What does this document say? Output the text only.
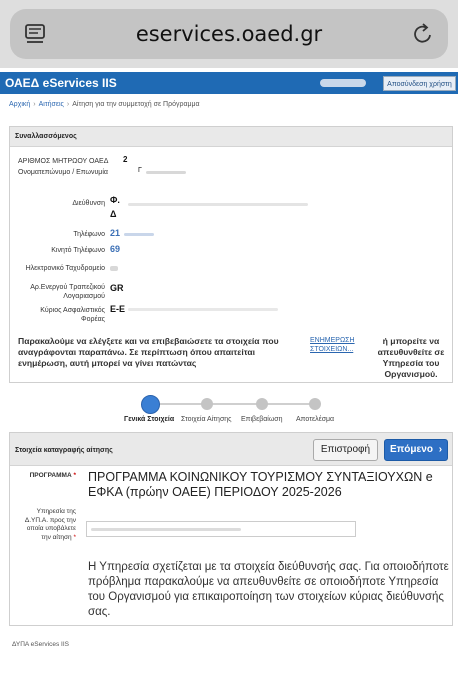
eservices.oaed.gr
ΟΑΕΔ eServices IIS	Αποσύνδεση χρήστη
Αρχική › Αιτήσεις › Αίτηση για την συμμετοχή σε Πρόγραμμα
Συναλλασσόμενος
ΑΡΙΘΜΟΣ ΜΗΤΡΩΟΥ ΟΑΕΔ	2
Ονοματεπώνυμο / Επωνυμία	Γ
Διεύθυνση Φ.
Δ
Τηλέφωνο 21
Κινητό Τηλέφωνο 69
Ηλεκτρονικό Ταχυδρομείο
Αρ.Ενεργού Τραπεζικού Λογαριασμού
GR
Κύριος Ασφαλιστικός Φορέας
E-E
Παρακαλούμε να ελέγξετε και να επιβεβαιώσετε τα στοιχεία που αναγράφονται παραπάνω. Σε περίπτωση όπου απαιτείται ενημέρωση, αυτή μπορεί να γίνει πατώντας
ΕΝΗΜΕΡΩΣΗ ΣΤΟΙΧΕΙΩΝ...
ή μπορείτε να απευθυνθείτε σε Υπηρεσία του Οργανισμού.
Γενικά Στοιχεία Στοιχεία Αίτησης Επιβεβαίωση Αποτελέσμα
Στοιχεία καταγραφής αίτησης	Επιστροφή	Επόμενο ›
ΠΡΟΓΡΑΜΜΑ * ΠΡΟΓΡΑΜΜΑ ΚΟΙΝΩΝΙΚΟΥ ΤΟΥΡΙΣΜΟΥ ΣΥΝΤΑΞΙΟΥΧΩΝ e ΕΦΚΑ (πρώην ΟΑΕΕ) ΠΕΡΙΟΔΟΥ 2025-2026
Υπηρεσία της Δ.ΥΠ.Α. προς την οποία υποβάλετε την αίτηση *
Η Υπηρεσία σχετίζεται με τα στοιχεία διεύθυνσής σας. Για οποιοδήποτε πρόβλημα παρακαλούμε να απευθυνθείτε σε οποιοδήποτε Υπηρεσία του Οργανισμού για επικαιροποίηση των στοιχείων κύριας διεύθυνσής σας.
ΔΥΠΑ eServices IIS
